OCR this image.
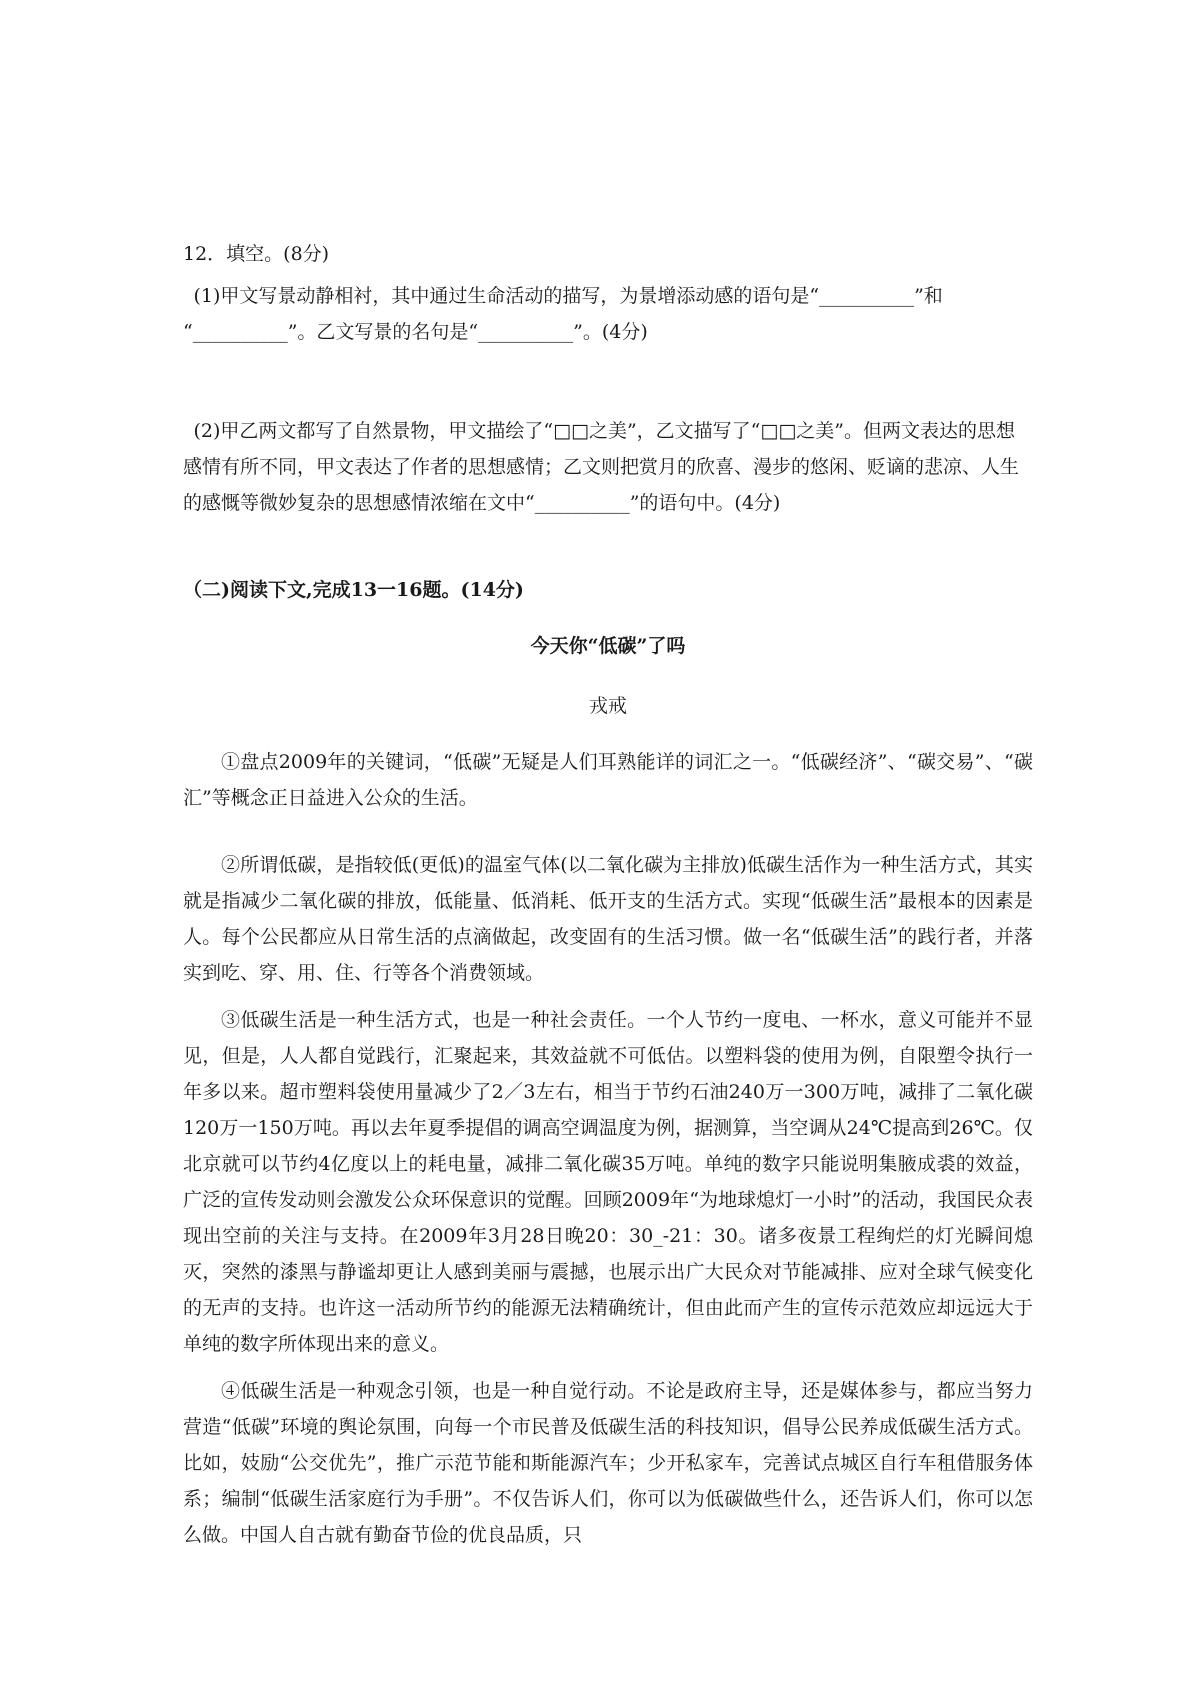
12．填空。(8分)

(1)甲文写景动静相衬，其中通过生命活动的描写，为景增添动感的语句是“__________”和 “__________”。乙文写景的名句是“__________”。(4分)

(2)甲乙两文都写了自然景物，甲文描绘了“□□之美”，乙文描写了“□□之美”。但两文表达的思想感情有所不同，甲文表达了作者的思想感情；乙文则把赏月的欣喜、漫步的悠闲、贬谪的悲凉、人生的感慨等微妙复杂的思想感情浓缩在文中“__________”的语句中。(4分)

（二)阅读下文,完成13一16题。(14分)

今天你“低碳”了吗

戎戒

①盘点2009年的关键词，“低碳”无疑是人们耳熟能详的词汇之一。“低碳经济”、“碳交易”、“碳汇”等概念正日益进入公众的生活。

②所谓低碳，是指较低(更低)的温室气体(以二氧化碳为主排放)低碳生活作为一种生活方式，其实就是指减少二氧化碳的排放，低能量、低消耗、低开支的生活方式。实现“低碳生活”最根本的因素是人。每个公民都应从日常生活的点滴做起，改变固有的生活习惯。做一名“低碳生活”的践行者，并落实到吃、穿、用、住、行等各个消费领域。

③低碳生活是一种生活方式，也是一种社会责任。一个人节约一度电、一杯水，意义可能并不显见，但是，人人都自觉践行，汇聚起来，其效益就不可低估。以塑料袋的使用为例，自限塑令执行一年多以来。超市塑料袋使用量减少了2／3左右，相当于节约石油240万一300万吨，减排了二氧化碳120万一150万吨。再以去年夏季提倡的调高空调温度为例，据测算，当空调从24℃提高到26℃。仅北京就可以节约4亿度以上的耗电量，减排二氧化碳35万吨。单纯的数字只能说明集腋成裘的效益，广泛的宣传发动则会激发公众环保意识的觉醒。回顾2009年“为地球熄灯一小时”的活动，我国民众表现出空前的关注与支持。在2009年3月28日晚20：30_-21：30。诸多夜景工程绚烂的灯光瞬间熄灭，突然的漆黑与静谧却更让人感到美丽与震撼，也展示出广大民众对节能减排、应对全球气候变化的无声的支持。也许这一活动所节约的能源无法精确统计，但由此而产生的宣传示范效应却远远大于单纯的数字所体现出来的意义。

④低碳生活是一种观念引领，也是一种自觉行动。不论是政府主导，还是媒体参与，都应当努力营造“低碳”环境的舆论氛围，向每一个市民普及低碳生活的科技知识，倡导公民养成低碳生活方式。比如，妓励“公交优先”，推广示范节能和斯能源汽车；少开私家车，完善试点城区自行车租借服务体系；编制“低碳生活家庭行为手册”。不仅告诉人们，你可以为低碳做些什么，还告诉人们，你可以怎么做。中国人自古就有勤奋节俭的优良品质，只
